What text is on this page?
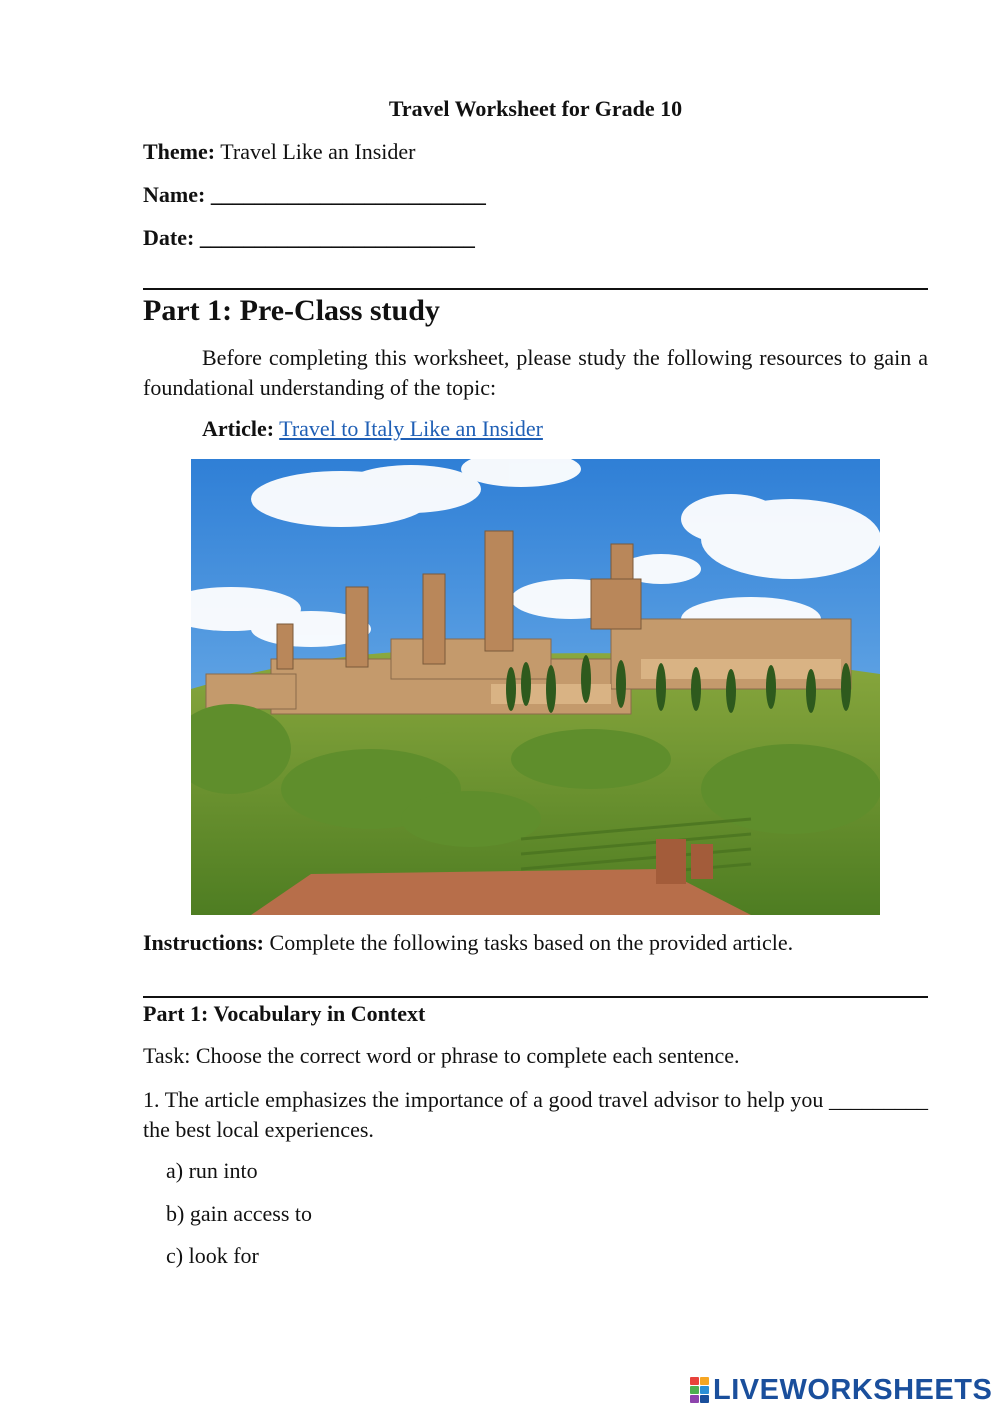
Travel Worksheet for Grade 10
Theme: Travel Like an Insider
Name: _________________________
Date: _________________________
Part 1: Pre-Class study
Before completing this worksheet, please study the following resources to gain a foundational understanding of the topic:
Article: Travel to Italy Like an Insider
Instructions: Complete the following tasks based on the provided article.
Part 1: Vocabulary in Context
Task: Choose the correct word or phrase to complete each sentence.
1. The article emphasizes the importance of a good travel advisor to help you _________ the best local experiences.
a) run into
b) gain access to
c) look for
LIVEWORKSHEETS
